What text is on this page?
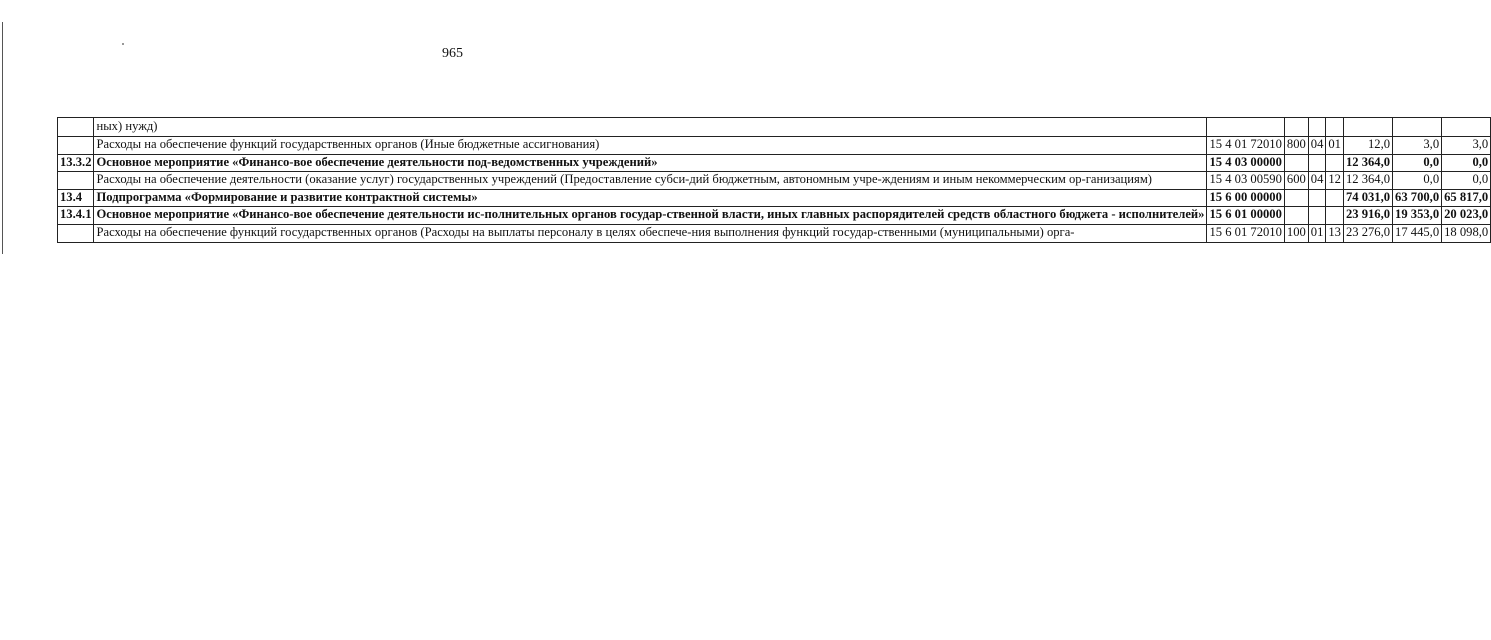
965
	ных) нужд)							
	Расходы на обеспечение функций государственных органов (Иные бюджетные ассигнования)	15 4 01 72010	800	04	01	12,0	3,0	3,0
13.3.2	Основное мероприятие «Финансо-вое обеспечение деятельности под-ведомственных учреждений»	15 4 03 00000				12 364,0	0,0	0,0
	Расходы на обеспечение деятельности (оказание услуг) государственных учреждений (Предоставление субси-дий бюджетным, автономным учре-ждениям и иным некоммерческим ор-ганизациям)	15 4 03 00590	600	04	12	12 364,0	0,0	0,0
13.4	Подпрограмма «Формирование и развитие контрактной системы»	15 6 00 00000				74 031,0	63 700,0	65 817,0
13.4.1	Основное мероприятие «Финансо-вое обеспечение деятельности ис-полнительных органов государ-ственной власти, иных главных распорядителей средств областного бюджета - исполнителей»	15 6 01 00000				23 916,0	19 353,0	20 023,0
	Расходы на обеспечение функций государственных органов (Расходы на выплаты персоналу в целях обеспече-ния выполнения функций государ-ственными (муниципальными) орга-	15 6 01 72010	100	01	13	23 276,0	17 445,0	18 098,0
